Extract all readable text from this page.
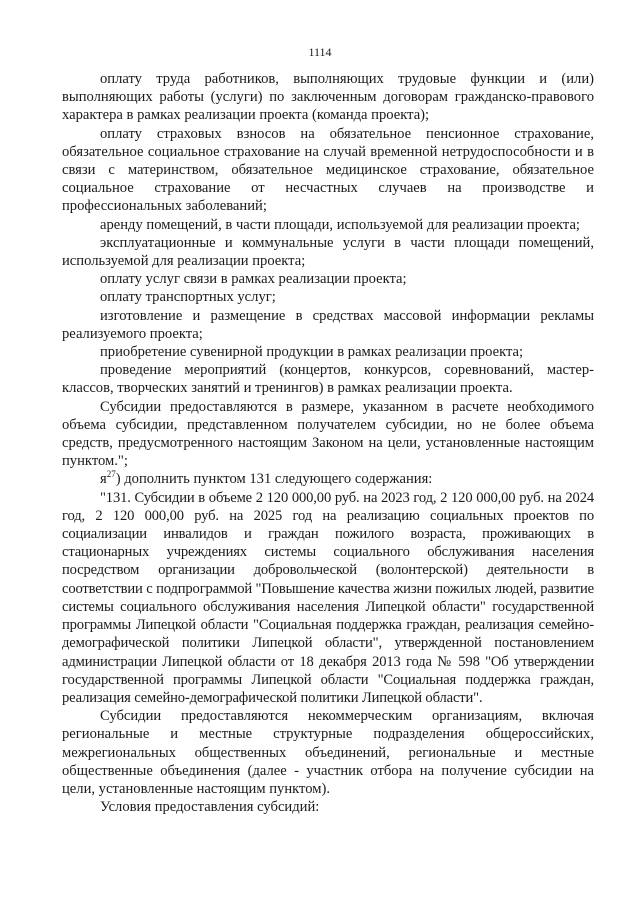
1114

оплату труда работников, выполняющих трудовые функции и (или) выполняющих работы (услуги) по заключенным договорам гражданско-правового характера в рамках реализации проекта (команда проекта);

оплату страховых взносов на обязательное пенсионное страхование, обязательное социальное страхование на случай временной нетрудоспособности и в связи с материнством, обязательное медицинское страхование, обязательное социальное страхование от несчастных случаев на производстве и профессиональных заболеваний;

аренду помещений, в части площади, используемой для реализации проекта;

эксплуатационные и коммунальные услуги в части площади помещений, используемой для реализации проекта;

оплату услуг связи в рамках реализации проекта;

оплату транспортных услуг;

изготовление и размещение в средствах массовой информации рекламы реализуемого проекта;

приобретение сувенирной продукции в рамках реализации проекта;

проведение мероприятий (концертов, конкурсов, соревнований, мастер-классов, творческих занятий и тренингов) в рамках реализации проекта.

Субсидии предоставляются в размере, указанном в расчете необходимого объема субсидии, представленном получателем субсидии, но не более объема средств, предусмотренного настоящим Законом на цели, установленные настоящим пунктом.";

$я^{27}$) дополнить пунктом 131 следующего содержания:

"131. Субсидии в объеме 2 120 000,00 руб. на 2023 год, 2 120 000,00 руб. на 2024 год, 2 120 000,00 руб. на 2025 год на реализацию социальных проектов по социализации инвалидов и граждан пожилого возраста, проживающих в стационарных учреждениях системы социального обслуживания населения посредством организации добровольческой (волонтерской) деятельности в соответствии с подпрограммой "Повышение качества жизни пожилых людей, развитие системы социального обслуживания населения Липецкой области" государственной программы Липецкой области "Социальная поддержка граждан, реализация семейно-демографической политики Липецкой области", утвержденной постановлением администрации Липецкой области от 18 декабря 2013 года № 598 "Об утверждении государственной программы Липецкой области "Социальная поддержка граждан, реализация семейно-демографической политики Липецкой области".

Субсидии предоставляются некоммерческим организациям, включая региональные и местные структурные подразделения общероссийских, межрегиональных общественных объединений, региональные и местные общественные объединения (далее - участник отбора на получение субсидии на цели, установленные настоящим пунктом).

Условия предоставления субсидий:
